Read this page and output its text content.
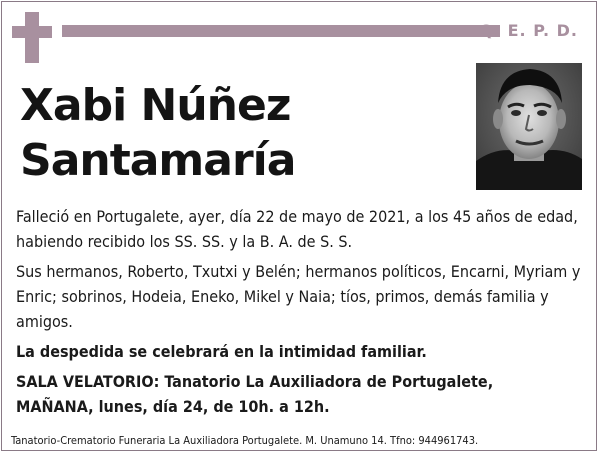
Q. E. P. D.
Xabi Núñez
Santamaría

Falleció en Portugalete, ayer, día 22 de mayo de 2021, a los 45 años de edad, habiendo recibido los SS. SS. y la B. A. de S. S.

Sus hermanos, Roberto, Txutxi y Belén; hermanos políticos, Encarni, Myriam y Enric; sobrinos, Hodeia, Eneko, Mikel y Naia; tíos, primos, demás familia y amigos.

La despedida se celebrará en la intimidad familiar.

SALA VELATORIO: Tanatorio La Auxiliadora de Portugalete,
MAÑANA, lunes, día 24, de 10h. a 12h.

Tanatorio-Crematorio Funeraria La Auxiliadora Portugalete. M. Unamuno 14. Tfno: 944961743.
